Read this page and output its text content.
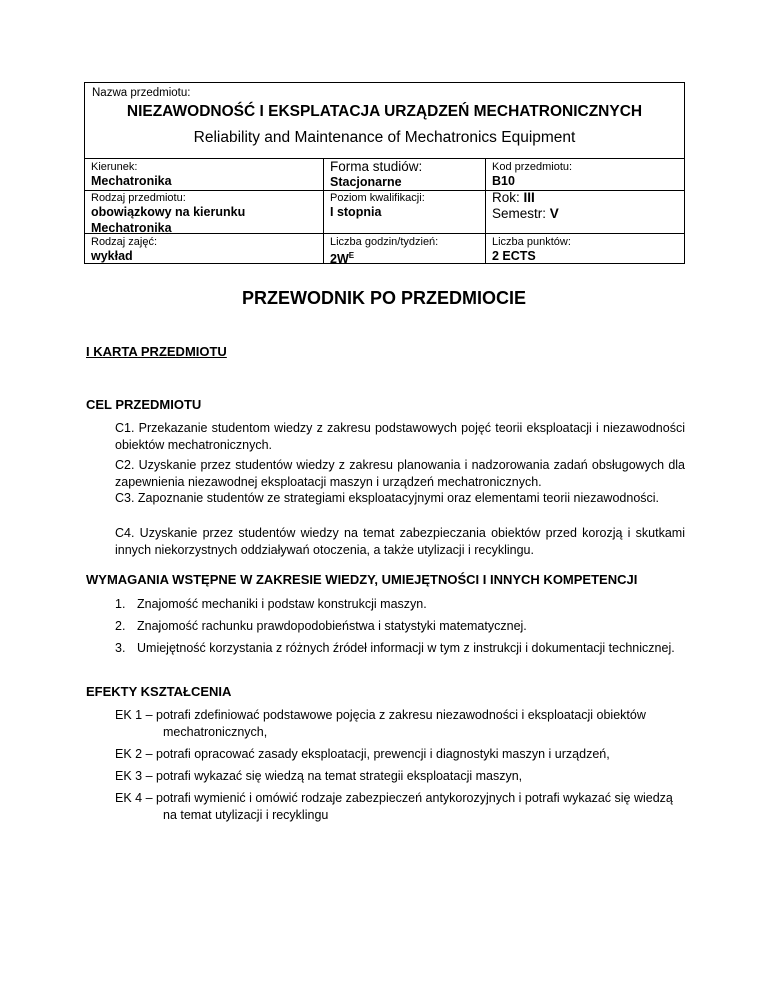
Nazwa przedmiotu:
NIEZAWODNOŚĆ I EKSPLATACJA URZĄDZEŃ MECHATRONICZNYCH
Reliability and Maintenance of Mechatronics Equipment
Kierunek:
Mechatronika
Forma studiów:
Stacjonarne
Kod przedmiotu:
B10
Rodzaj przedmiotu:
obowiązkowy na kierunku Mechatronika
Poziom kwalifikacji:
I stopnia
Rok: III
Semestr: V
Rodzaj zajęć:
wykład
Liczba godzin/tydzień:
$2W^E$
Liczba punktów:
2 ECTS
PRZEWODNIK PO PRZEDMIOCIE
I KARTA PRZEDMIOTU
CEL PRZEDMIOTU

C1. Przekazanie studentom wiedzy z zakresu podstawowych pojęć teorii eksploatacji i niezawodności obiektów mechatronicznych.

C2. Uzyskanie przez studentów wiedzy z zakresu planowania i nadzorowania zadań obsługowych dla zapewnienia niezawodnej eksploatacji maszyn i urządzeń mechatronicznych.

C3. Zapoznanie studentów ze strategiami eksploatacyjnymi oraz elementami teorii niezawodności.

C4. Uzyskanie przez studentów wiedzy na temat zabezpieczania obiektów przed korozją i skutkami innych niekorzystnych oddziaływań otoczenia, a także utylizacji i recyklingu.

WYMAGANIA WSTĘPNE W ZAKRESIE WIEDZY, UMIEJĘTNOŚCI I INNYCH KOMPETENCJI
1. Znajomość mechaniki i podstaw konstrukcji maszyn.
2. Znajomość rachunku prawdopodobieństwa i statystyki matematycznej.
3. Umiejętność korzystania z różnych źródeł informacji w tym z instrukcji i dokumentacji technicznej.
EFEKTY KSZTAŁCENIA
EK 1 – potrafi zdefiniować podstawowe pojęcia z zakresu niezawodności i eksploatacji obiektów mechatronicznych,
EK 2 – potrafi opracować zasady eksploatacji, prewencji i diagnostyki maszyn i urządzeń,
EK 3 – potrafi wykazać się wiedzą na temat strategii eksploatacji maszyn,
EK 4 – potrafi wymienić i omówić rodzaje zabezpieczeń antykorozyjnych i potrafi wykazać się wiedzą na temat utylizacji i recyklingu
